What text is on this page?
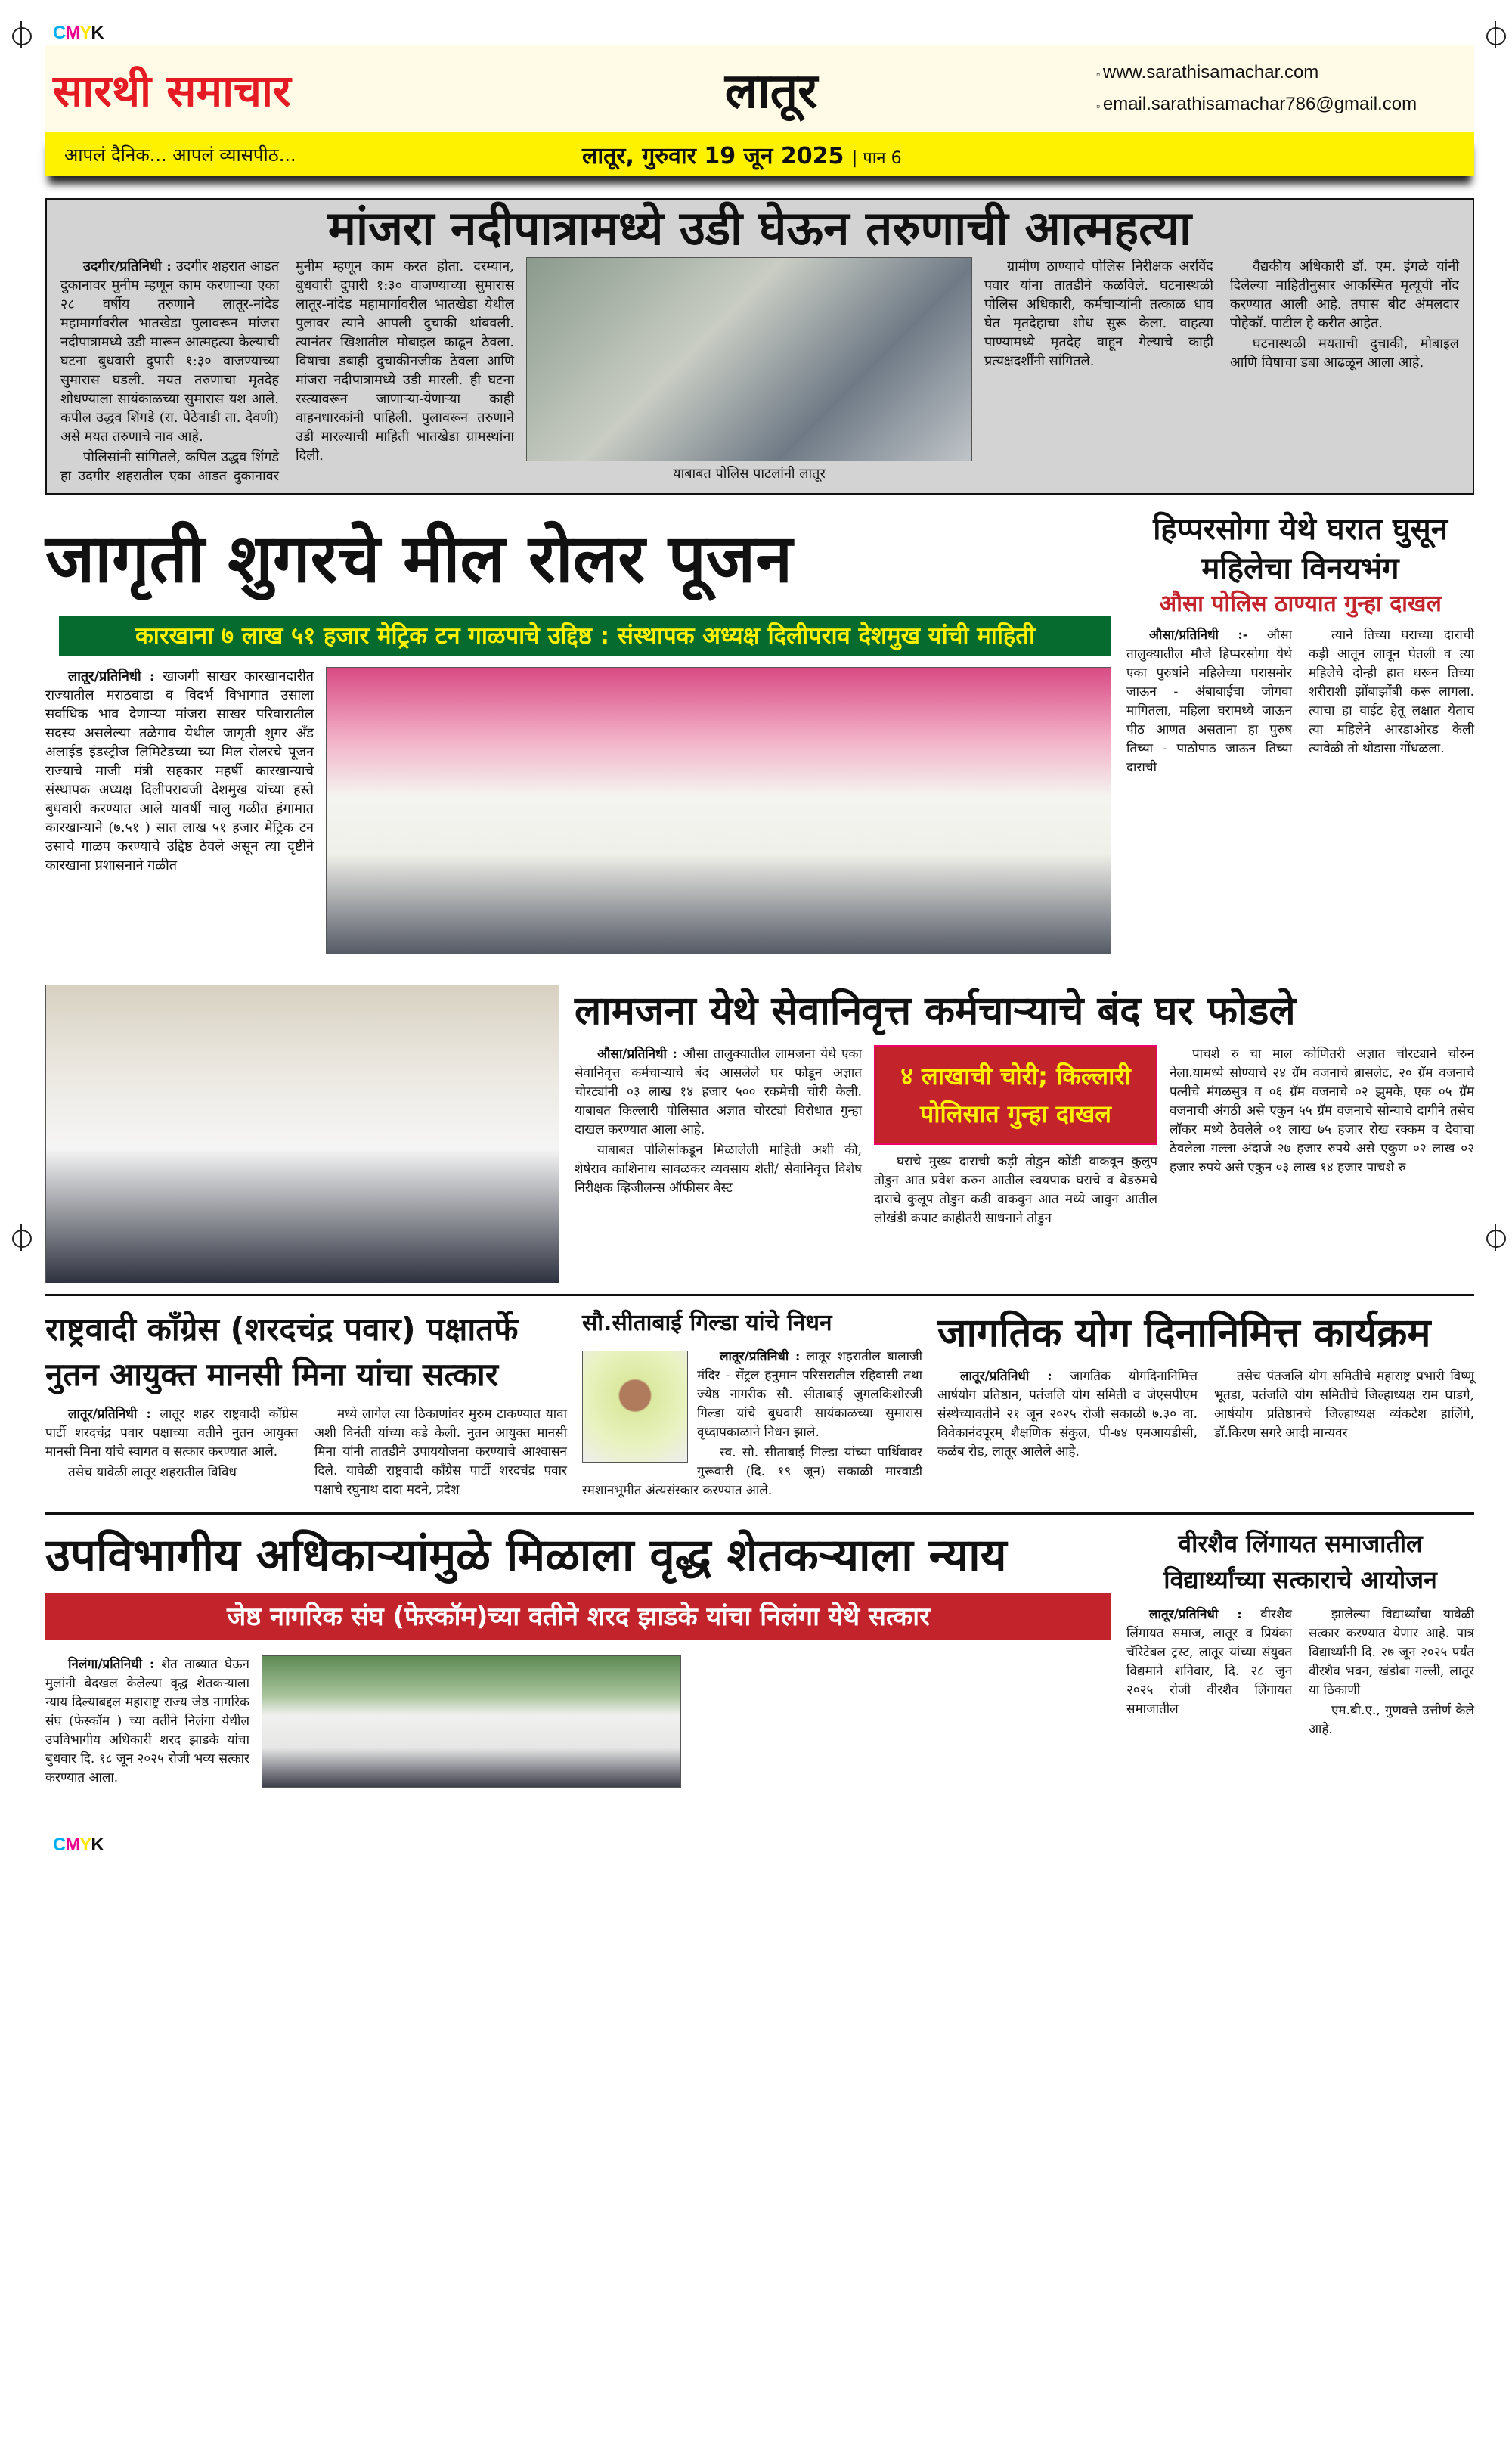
CMYK
सारथी समाचार	लातूर	▫ www.sarathisamachar.com
▫ email.sarathisamachar786@gmail.com
आपलं दैनिक... आपलं व्यासपीठ...	लातूर, गुरुवार 19 जून 2025 | पान 6
मांजरा नदीपात्रामध्ये उडी घेऊन तरुणाची आत्महत्या

उदगीर/प्रतिनिधी : उदगीर शहरात आडत दुकानावर मुनीम म्हणून काम करणाऱ्या एका २८ वर्षीय तरुणाने लातूर-नांदेड महामार्गावरील भातखेडा पुलावरून मांजरा नदीपात्रामध्ये उडी मारून आत्महत्या केल्याची घटना बुधवारी दुपारी १:३० वाजण्याच्या सुमारास घडली. मयत तरुणाचा मृतदेह शोधण्याला सायंकाळच्या सुमारास यश आले. कपील उद्धव शिंगडे (रा. पेठेवाडी ता. देवणी) असे मयत तरुणाचे नाव आहे.

पोलिसांनी सांगितले, कपिल उद्धव शिंगडे हा उदगीर शहरातील एका आडत दुकानावर मुनीम म्हणून काम करत होता. दरम्यान, बुधवारी दुपारी १:३० वाजण्याच्या सुमारास लातूर-नांदेड महामार्गावरील भातखेडा येथील पुलावर त्याने आपली दुचाकी थांबवली. त्यानंतर खिशातील मोबाइल काढून ठेवला. विषाचा डबाही दुचाकीनजीक ठेवला आणि मांजरा नदीपात्रामध्ये उडी मारली. ही घटना रस्त्यावरून जाणाऱ्या-येणाऱ्या काही वाहनधारकांनी पाहिली. पुलावरून तरुणाने उडी मारल्याची माहिती भातखेडा ग्रामस्थांना दिली.

याबाबत पोलिस पाटलांनी लातूर

ग्रामीण ठाण्याचे पोलिस निरीक्षक अरविंद पवार यांना तातडीने कळविले. घटनास्थळी पोलिस अधिकारी, कर्मचाऱ्यांनी तत्काळ धाव घेत मृतदेहाचा शोध सुरू केला. वाहत्या पाण्यामध्ये मृतदेह वाहून गेल्याचे काही प्रत्यक्षदर्शींनी सांगितले.

वैद्यकीय अधिकारी डॉ. एम. इंगळे यांनी दिलेल्या माहितीनुसार आकस्मित मृत्यूची नोंद करण्यात आली आहे. तपास बीट अंमलदार पोहेकॉ. पाटील हे करीत आहेत.

घटनास्थळी मयताची दुचाकी, मोबाइल आणि विषाचा डबा आढळून आला आहे.

जागृती शुगरचे मील रोलर पूजन
कारखाना ७ लाख ५१ हजार मेट्रिक टन गाळपाचे उद्दिष्ठ : संस्थापक अध्यक्ष दिलीपराव देशमुख यांची माहिती

लातूर/प्रतिनिधी : खाजगी साखर कारखानदारीत राज्यातील मराठवाडा व विदर्भ विभागात उसाला सर्वाधिक भाव देणाऱ्या मांजरा साखर परिवारातील सदस्य असलेल्या तळेगाव येथील जागृती शुगर अँड अलाईड इंडस्ट्रीज लिमिटेडच्या च्या मिल रोलरचे पूजन राज्याचे माजी मंत्री सहकार महर्षी कारखान्याचे संस्थापक अध्यक्ष दिलीपरावजी देशमुख यांच्या हस्ते बुधवारी करण्यात आले यावर्षी चालु गळीत हंगामात कारखान्याने (७.५१ ) सात लाख ५१ हजार मेट्रिक टन उसाचे गाळप करण्याचे उद्दिष्ठ ठेवले असून त्या दृष्टीने कारखाना प्रशासनाने गळीत

हिप्परसोगा येथे घरात घुसून महिलेचा विनयभंग
औसा पोलिस ठाण्यात गुन्हा दाखल

औसा/प्रतिनिधी :- औसा तालुक्यातील मौजे हिप्परसोगा येथे एका पुरुषांने महिलेच्या घरासमोर जाऊन - अंबाबाईचा जोगवा मागितला, महिला घरामध्ये जाऊन पीठ आणत असताना हा पुरुष तिच्या - पाठोपाठ जाऊन तिच्या दाराची

त्याने तिच्या घराच्या दाराची कड़ी आतून लावून घेतली व त्या महिलेचे दोन्ही हात धरून तिच्या शरीराशी झोंबाझोंबी करू लागला. त्याचा हा वाईट हेतू लक्षात येताच त्या महिलेने आरडाओरड केली त्यावेळी तो थोडासा गोंधळला.

लामजना येथे सेवानिवृत्त कर्मचाऱ्याचे बंद घर फोडले

औसा/प्रतिनिधी : औसा तालुक्यातील लामजना येथे एका सेवानिवृत्त कर्मचाऱ्याचे बंद आसलेले घर फोडून अज्ञात चोरट्यांनी ०३ लाख १४ हजार ५०० रकमेची चोरी केली. याबाबत किल्लारी पोलिसात अज्ञात चोरट्यां विरोधात गुन्हा दाखल करण्यात आला आहे.

याबाबत पोलिसांकडून मिळालेली माहिती अशी की, शेषेराव काशिनाथ सावळकर व्यवसाय शेती/ सेवानिवृत्त विशेष निरीक्षक व्हिजीलन्स ऑफीसर बेस्ट

४ लाखाची चोरी; किल्लारी पोलिसात गुन्हा दाखल

घराचे मुख्य दाराची कड़ी तोडुन कोंडी वाकवून कुलुप तोडुन आत प्रवेश करुन आतील स्वयपाक घराचे व बेडरुमचे दाराचे कुलूप तोडुन कढी वाकवुन आत मध्ये जावुन आतील लोखंडी कपाट काहीतरी साधनाने तोडुन

पाचशे रु चा माल कोणितरी अज्ञात चोरट्याने चोरुन नेला.यामध्ये सोण्याचे २४ ग्रॅम वजनाचे ब्रासलेट, २० ग्रॅम वजनाचे पत्नीचे मंगळसुत्र व ०६ ग्रॅम वजनाचे ०२ झुमके, एक ०५ ग्रॅम वजनाची अंगठी असे एकुन ५५ ग्रॅम वजनाचे सोन्याचे दागीने तसेच लॉकर मध्ये ठेवलेले ०१ लाख ७५ हजार रोख रक्कम व देवाचा ठेवलेला गल्ला अंदाजे २७ हजार रुपये असे एकुण ०२ लाख ०२ हजार रुपये असे एकुन ०३ लाख १४ हजार पाचशे रु

राष्ट्रवादी कॉंग्रेस (शरदचंद्र पवार) पक्षातर्फे
नुतन आयुक्त मानसी मिना यांचा सत्कार

लातूर/प्रतिनिधी : लातूर शहर राष्ट्रवादी कॉंग्रेस पार्टी शरदचंद्र पवार पक्षाच्या वतीने नुतन आयुक्त मानसी मिना यांचे स्वागत व सत्कार करण्यात आले.

तसेच यावेळी लातूर शहरातील विविध

मध्ये लागेल त्या ठिकाणांवर मुरुम टाकण्यात यावा अशी विनंती यांच्या कडे केली. नुतन आयुक्त मानसी मिना यांनी तातडीने उपाययोजना करण्याचे आश्वासन दिले. यावेळी राष्ट्रवादी कॉंग्रेस पार्टी शरदचंद्र पवार पक्षाचे रघुनाथ दादा मदने, प्रदेश

सौ.सीताबाई गिल्डा यांचे निधन

लातूर/प्रतिनिधी : लातूर शहरातील बालाजी मंदिर - सेंट्रल हनुमान परिसरातील रहिवासी तथा ज्येष्ठ नागरीक सौ. सीताबाई जुगलकिशोरजी गिल्डा यांचे बुधवारी सायंकाळच्या सुमारास वृध्दापकाळाने निधन झाले.

स्व. सौ. सीताबाई गिल्डा यांच्या पार्थिवावर गुरूवारी (दि. १९ जून) सकाळी मारवाडी स्मशानभूमीत अंत्यसंस्कार करण्यात आले.

जागतिक योग दिनानिमित्त कार्यक्रम

लातूर/प्रतिनिधी : जागतिक योगदिनानिमित्त आर्षयोग प्रतिष्ठान, पतंजलि योग समिती व जेएसपीएम संस्थेच्यावतीने २१ जून २०२५ रोजी सकाळी ७.३० वा. विवेकानंदपूरम् शैक्षणिक संकुल, पी-७४ एमआयडीसी, कळंब रोड, लातूर आलेले आहे.

तसेच पंतजलि योग समितीचे महाराष्ट्र प्रभारी विष्णू भूतडा, पतंजलि योग समितीचे जिल्हाध्यक्ष राम घाडगे, आर्षयोग प्रतिष्ठानचे जिल्हाध्यक्ष व्यंकटेश हालिंगे, डॉ.किरण सगरे आदी मान्यवर

उपविभागीय अधिकाऱ्यांमुळे मिळाला वृद्ध शेतकऱ्याला न्याय
जेष्ठ नागरिक संघ (फेस्कॉम)च्या वतीने शरद झाडके यांचा निलंगा येथे सत्कार

निलंगा/प्रतिनिधी : शेत ताब्यात घेऊन मुलांनी बेदखल केलेल्या वृद्ध शेतकऱ्याला न्याय दिल्याबद्दल महाराष्ट्र राज्य जेष्ठ नागरिक संघ (फेस्कॉम ) च्या वतीने निलंगा येथील उपविभागीय अधिकारी शरद झाडके यांचा बुधवार दि. १८ जून २०२५ रोजी भव्य सत्कार करण्यात आला.

वीरशैव लिंगायत समाजातील विद्यार्थ्यांच्या सत्काराचे आयोजन

लातूर/प्रतिनिधी : वीरशैव लिंगायत समाज, लातूर व प्रियंका चॅरिटेबल ट्रस्ट, लातूर यांच्या संयुक्त विद्यमाने शनिवार, दि. २८ जुन २०२५ रोजी वीरशैव लिंगायत समाजातील

झालेल्या विद्यार्थ्यांचा यावेळी सत्कार करण्यात येणार आहे. पात्र विद्यार्थ्यांनी दि. २७ जून २०२५ पर्यंत वीरशैव भवन, खंडोबा गल्ली, लातूर या ठिकाणी

एम.बी.ए., गुणवत्ते उत्तीर्ण केले आहे.

CMYK
